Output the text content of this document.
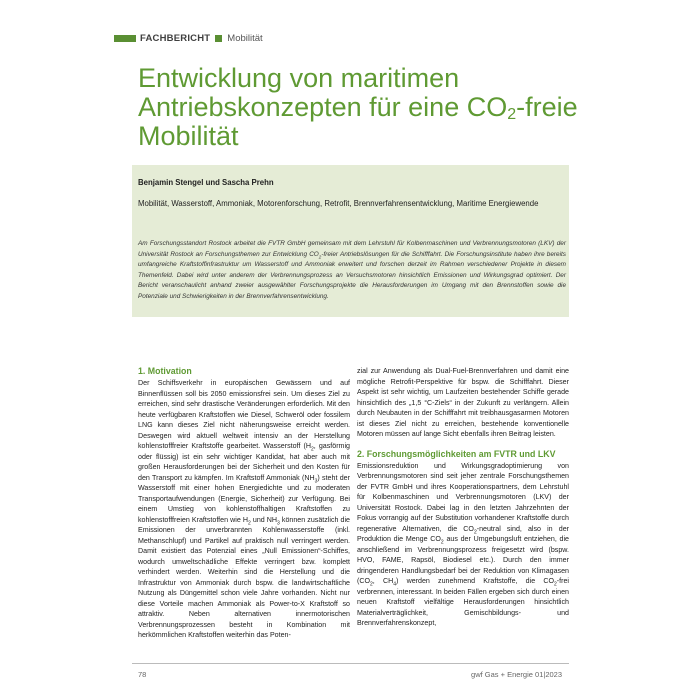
FACHBERICHT Mobilität
Entwicklung von maritimen Antriebskonzepten für eine $CO_2$-freie Mobilität
Benjamin Stengel und Sascha Prehn
Mobilität, Wasserstoff, Ammoniak, Motorenforschung, Retrofit, Brennverfahrensentwicklung, Maritime Energiewende
Am Forschungsstandort Rostock arbeitet die FVTR GmbH gemeinsam mit dem Lehrstuhl für Kolbenmaschinen und Verbrennungsmotoren (LKV) der Universität Rostock an Forschungsthemen zur Entwicklung $CO_2$-freier Antriebslösungen für die Schifffahrt. Die Forschungsinstitute haben ihre bereits umfangreiche Kraftstoffinfrastruktur um Wasserstoff und Ammoniak erweitert und forschen derzeit im Rahmen verschiedener Projekte in diesem Themenfeld. Dabei wird unter anderem der Verbrennungsprozess an Versuchsmotoren hinsichtlich Emissionen und Wirkungsgrad optimiert. Der Bericht veranschaulicht anhand zweier ausgewählter Forschungsprojekte die Herausforderungen im Umgang mit den Brennstoffen sowie die Potenziale und Schwierigkeiten in der Brennverfahrensentwicklung.
1. Motivation

Der Schiffsverkehr in europäischen Gewässern und auf Binnenflüssen soll bis 2050 emissionsfrei sein. Um dieses Ziel zu erreichen, sind sehr drastische Veränderungen erforderlich. Mit den heute verfügbaren Kraftstoffen wie Diesel, Schweröl oder fossilem LNG kann dieses Ziel nicht näherungsweise erreicht werden. Deswegen wird aktuell weltweit intensiv an der Herstellung kohlenstofffreier Kraftstoffe gearbeitet. Wasserstoff ($H_2$, gasförmig oder flüssig) ist ein sehr wichtiger Kandidat, hat aber auch mit großen Herausforderungen bei der Sicherheit und den Kosten für den Transport zu kämpfen. Im Kraftstoff Ammoniak $(NH_3)$ steht der Wasserstoff mit einer hohen Energiedichte und zu moderaten Transportaufwendungen (Energie, Sicherheit) zur Verfügung. Bei einem Umstieg von kohlenstoffhaltigen Kraftstoffen zu kohlenstofffreien Kraftstoffen wie $H_2$ und $NH_3$ können zusätzlich die Emissionen der unverbrannten Kohlenwasserstoffe (inkl. Methanschlupf) und Partikel auf praktisch null verringert werden. Damit existiert das Potenzial eines „Null Emissionen“-Schiffes, wodurch umweltschädliche Effekte verringert bzw. komplett verhindert werden. Weiterhin sind die Herstellung und die Infrastruktur von Ammoniak durch bspw. die landwirtschaftliche Nutzung als Düngemittel schon viele Jahre vorhanden. Nicht nur diese Vorteile machen Ammoniak als Power-to-X Kraftstoff so attraktiv. Neben alternativen innermotorischen Verbrennungsprozessen besteht in Kombination mit herkömmlichen Kraftstoffen weiterhin das Poten-

zial zur Anwendung als Dual-Fuel-Brennverfahren und damit eine mögliche Retrofit-Perspektive für bspw. die Schifffahrt. Dieser Aspekt ist sehr wichtig, um Laufzeiten bestehender Schiffe gerade hinsichtlich des „1,5 °C-Ziels“ in der Zukunft zu verlängern. Allein durch Neubauten in der Schifffahrt mit treibhausgasarmen Motoren ist dieses Ziel nicht zu erreichen, bestehende konventionelle Motoren müssen auf lange Sicht ebenfalls ihren Beitrag leisten.

2. Forschungsmöglichkeiten am FVTR und LKV

Emissionsreduktion und Wirkungsgradoptimierung von Verbrennungsmotoren sind seit jeher zentrale Forschungsthemen der FVTR GmbH und ihres Kooperationspartners, dem Lehrstuhl für Kolbenmaschinen und Verbrennungsmotoren (LKV) der Universität Rostock. Dabei lag in den letzten Jahrzehnten der Fokus vorrangig auf der Substitution vorhandener Kraftstoffe durch regenerative Alternativen, die $CO_2$-neutral sind, also in der Produktion die Menge $CO_2$ aus der Umgebungsluft entziehen, die anschließend im Verbrennungsprozess freigesetzt wird (bspw. HVO, FAME, Rapsöl, Biodiesel etc.). Durch den immer dringenderen Handlungsbedarf bei der Reduktion von Klimagasen ($CO_2$, $CH_4$) werden zunehmend Kraftstoffe, die $CO_2$-frei verbrennen, interessant. In beiden Fällen ergeben sich durch einen neuen Kraftstoff vielfältige Herausforderungen hinsichtlich Materialverträglichkeit, Gemischbildungs- und Brennverfahrenskonzept,

78	gwf Gas + Energie 01|2023
